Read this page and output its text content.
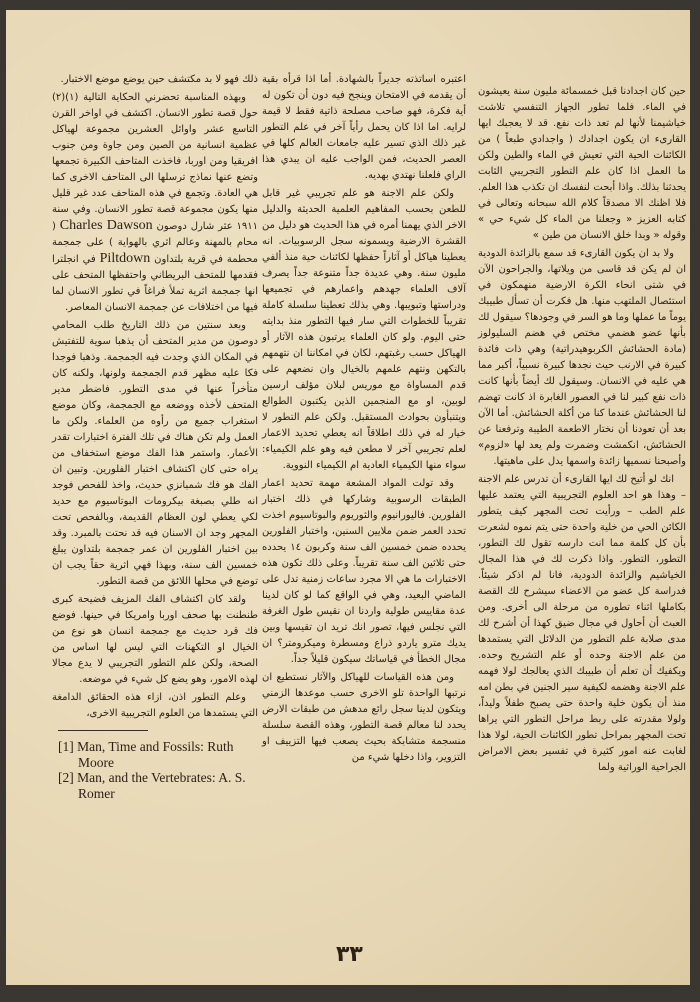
حين كان اجدادنا قبل خمسمائة مليون سنة يعيشون في الماء. فلما تطور الجهاز التنفسي تلاشت خياشيمنا لأنها لم تعد ذات نفع. قد لا يعجبك ايها القارىء ان يكون اجدادك ( واجدادي طبعاً ) من الكائنات الحية التي تعيش في الماء والطين ولكن ما العمل اذا كان علم التطور التجريبي الثابت يحدثنا بذلك. واذا أبحت لنفسك ان تكذب هذا العلم. فلا اظنك الا مصدقاً كلام الله سبحانه وتعالى في كتابه العزيز « وجعلنا من الماء كل شيء حي » وقوله « وبدا خلق الانسان من طين »

ولا بد ان يكون القارىء قد سمع بالزائدة الدودية ان لم يكن قد قاسى من ويلاتها، والجراحون الآن في شتى انحاء الكرة الارضية منهمكون في استئصال الملتهب منها. هل فكرت أن تسأل طبيبك يوماً ما عملها وما هو السر في وجودها؟ سيقول لك بأنها عضو هضمي مختص في هضم السليولوز (مادة الحشائش الكربوهيدراتية) وهي ذات فائدة كبيرة في الارنب حيث نجدها كبيرة نسبياً، أكبر مما هي عليه في الانسان. وسيقول لك أيضاً بأنها كانت ذات نفع كبير لنا في العصور الغابرة اذ كانت تهضم لنا الحشائش عندما كنا من أكلة الحشائش. أما الآن بعد أن تعودنا أن نختار الاطعمة الطيبة وترفعنا عن الحشائش، انكمشت وضمرت ولم يعد لها «لزوم» وأصبحنا نسميها زائدة واسمها يدل على ماهيتها.

انك لو أتيح لك ايها القارىء أن تدرس علم الاجنة – وهذا هو احد العلوم التجريبية التي يعتمد عليها علم الطب – ورأيت تحت المجهر كيف يتطور الكائن الحي من خلية واحدة حتى يتم نموه لشعرت بأن كل كلمة مما انت دارسه تقول لك التطور، التطور، التطور. واذا ذكرت لك في هذا المجال الخياشيم والزائدة الدودية، فانا لم اذكر شيئاً. فدراسة كل عضو من الاعضاء سيشرح لك القصة بكاملها اثناء تطوره من مرحلة الى أخرى. ومن العبث أن أحاول في مجال ضيق كهذا أن أشرح لك مدى صلابة علم التطور من الدلائل التي يستمدها من علم الاجنة وحده أو علم التشريح وحده. ويكفيك أن تعلم أن طبيبك الذي يعالجك لولا فهمه علم الاجنة وهضمه لكيفية سير الجنين في بطن امه منذ أن يكون خلية واحدة حتى يصبح طفلاً وليداً، ولولا مقدرته على ربط مراحل التطور التي يراها تحت المجهر بمراحل تطور الكائنات الحية، لولا هذا لغابت عنه امور كثيرة في تفسير بعض الامراض الجراحية الوراثية ولما

اعتبره اساتذته جديراً بالشهادة. أما اذا قرأه بقية أن يقدمه في الامتحان وينجح فيه دون أن تكون له أية فكرة، فهو صاحب مصلحة ذاتية فقط لا قيمة لرايه. اما اذا كان يحمل رأياً آخر في علم التطور غير ذلك الذي تسير عليه جامعات العالم كلها في العصر الحديث، فمن الواجب عليه ان يبدي هذا الراي فلعلنا نهتدي بهديه.

ولكن علم الاجنة هو علم تجريبي غير قابل للطعن بحسب المفاهيم العلمية الحديثة والدليل الاخر الذي يهمنا أمره في هذا الحديث هو دليل من القشرة الارضية ويسمونه سجل الرسوبيات. انه يعطينا هياكل أو آثاراً حفظها لكائنات حية منذ ألفي مليون سنة. وهي عديدة جداً متنوعة جداً يصرف آلاف العلماء جهدهم واعمارهم في تجميعها ودراستها وتبويبها. وهي بذلك تعطينا سلسلة كاملة تقريباً للخطوات التي سار فيها التطور منذ بدايته حتى اليوم. ولو كان العلماء يرتبون هذه الآثار أو الهياكل حسب رغبتهم، لكان في امكاننا ان نتهمهم بالتكهن ونتهم علمهم بالخيال وان نضعهم على قدم المساواة مع موريس لبلان مؤلف ارسين لوبين، او مع المنجمين الذين يكتبون الطوالع ويتنبأون بحوادث المستقبل. ولكن علم التطور لا خيار له في ذلك اطلاقاً انه يعطي تحديد الاعمار لعلم تجريبي آخر لا مطعن فيه وهو علم الكيمياء: سواء منها الكيمياء العادية ام الكيمياء النووية.

وقد تولت المواد المشعة مهمة تحديد اعمار الطبقات الرسوبية وشاركها في ذلك اختبار الفلورين. فاليورانيوم والثوريوم والبوتاسيوم اخذت تحدد العمر ضمن ملايين السنين، واختبار الفلورين يحدده ضمن خمسين الف سنة وكربون ١٤ يحدده حتى ثلاثين الف سنة تقريباً. وعلى ذلك تكون هذه الاختبارات ما هي الا مجرد ساعات زمنية تدل على الماضي البعيد، وهي في الواقع كما لو كان لدينا عدة مقاييس طولية واردنا ان نقيس طول الغرفة التي نجلس فيها، تصور انك تريد ان تقيسها وبين يديك مترو ياردو ذراع ومسطرة وميكرومتر؟ ان مجال الخطأ في قياساتك سيكون قليلاً جداً.

ومن هذه القياسات للهياكل والآثار نستطيع ان نرتبها الواحدة تلو الاخرى حسب موعدها الزمني ويتكون لدينا سجل رائع مدهش من طبقات الارض يحدد لنا معالم قصة التطور، وهذه القصة سلسلة منسجمة متشابكة بحيث يصعب فيها التزييف او التزوير، واذا دخلها شيء من

ذلك فهو لا بد مكتشف حين يوضع موضع الاختبار.

وبهذه المناسبة تحضرني الحكاية التالية (١)(٢) حول قصة تطور الانسان. اكتشف في اواخر القرن التاسع عشر واوائل العشرين مجموعة لهياكل عظمية انسانية من الصين ومن جاوة ومن جنوب افريقيا ومن اوربا، فاخذت المتاحف الكبيرة تجمعها وتضع عنها نماذج ترسلها الى المتاحف الاخرى كما هي العادة. وتجمع في هذه المتاحف عدد غير قليل منها يكون مجموعة قصة تطور الانسان. وفي سنة ١٩١١ عثر شارل دوصون Charles Dawson ( محام بالمهنة وعالم اثري بالهواية ) على جمجمة محطمة في قرية بلتداون Piltdown في انجلترا فقدمها للمتحف البريطاني واحتفظها المتحف على انها جمجمة اثرية تملأ فراغاً في تطور الانسان لما فيها من اختلافات عن جمجمة الانسان المعاصر.

وبعد سنتين من ذلك التاريخ طلب المحامي دوصون من مدير المتحف أن يذهبا سوية للتفتيش في المكان الذي وجدت فيه الجمجمة. وذهبا فوجدا فكا عليه مظهر قدم الجمجمة ولونها، ولكنه كان متأخراً عنها في مدى التطور. فاضطر مدير المتحف لأخذه ووضعه مع الجمجمة، وكان موضع استغراب جميع من رأوه من العلماء. ولكن ما العمل ولم تكن هناك في تلك الفترة اختبارات تقدر الأعمار. واستمر هذا الفك موضع استخفاف من يراه حتى كان اكتشاف اختبار الفلورين. وتبين ان الفك هو فك شمبانزي حديث، واخذ للفحص فوجد انه طلي بصبغة بيكرومات البوتاسيوم مع حديد لكي يعطي لون العظام القديمة، وبالفحص تحت المجهر وجد ان الاسنان فيه قد نحتت بالمبرد. وقد بين اختبار الفلورين ان عمر جمجمة بلتداون يبلغ خمسين الف سنة، وبهذا فهي اثرية حقاً يجب ان توضع في محلها اللائق من قصة التطور.

ولقد كان اكتشاف الفك المزيف فضيحة كبرى طنطنت بها صحف اوربا وامريكا في حينها. فوضع فك قرد حديث مع جمجمة انسان هو نوع من الخيال او التكهنات التي ليس لها اساس من الصحة، ولكن علم التطور التجريبي لا يدع مجالا لهذه الامور، وهو يضع كل شيء في موضعه.

وعلم التطور اذن، ازاء هذه الحقائق الدامغة التي يستمدها من العلوم التجريبية الاخرى،

[1] Man, Time and Fossils: Ruth Moore
[2] Man, and the Vertebrates: A. S. Romer
٣٣
